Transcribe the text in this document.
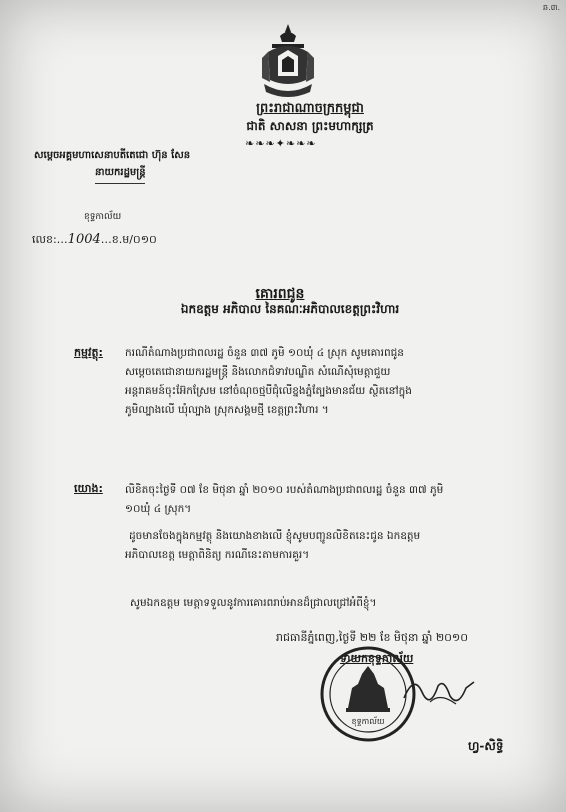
ឆ.៣.
ព្រះរាជាណាចក្រកម្ពុជា
ជាតិ សាសនា ព្រះមហាក្សត្រ
❧❧❧✦❧❧❧
សម្តេចអគ្គមហាសេនាបតីតេជោ ហ៊ុន សែន
នាយករដ្ឋមន្ត្រី
ខុទ្ទកាល័យ
លេខ:…1004…ខ.ម/០១០
គោរពជូន
ឯកឧត្តម អភិបាល នៃគណៈអភិបាលខេត្តព្រះវិហារ
កម្មវត្ថុ: ករណីតំណាងប្រជាពលរដ្ឋ ចំនួន ៣៧ ភូមិ ១០ឃុំ ៤ ស្រុក សូមគោរពជូន
សម្តេចតេជោនាយករដ្ឋមន្ត្រី និងលោកជំទាវបណ្ឌិត សំណើសុំមេត្តាជួយ
អន្តរាគមន៍ចុះអ៊ែកស្រែម នៅចំណុចថ្មបីជុំលើខ្នងភ្នំត្បែងមានជ័យ ស្ថិតនៅក្នុង
ភូមិល្បាងលើ ឃុំល្បាង ស្រុកសង្គមថ្មី ខេត្តព្រះវិហារ ។
យោង: លិខិតចុះថ្ងៃទី ០៧ ខែ មិថុនា ឆ្នាំ ២០១០ របស់តំណាងប្រជាពលរដ្ឋ ចំនួន ៣៧ ភូមិ
១០ឃុំ ៤ ស្រុក។
ដូចមានចែងក្នុងកម្មវត្ថុ និងយោងខាងលើ ខ្ញុំសូមបញ្ជូនលិខិតនេះជូន ឯកឧត្តម
អភិបាលខេត្ត មេត្តាពិនិត្យ ករណីនេះតាមការគួរ។
សូមឯកឧត្តម មេត្តាទទួលនូវការគោរពរាប់អានដ៏ជ្រាលជ្រៅអំពីខ្ញុំ។
រាជធានីភ្នំពេញ,ថ្ងៃទី ២២ ខែ មិថុនា ឆ្នាំ ២០១០
ទាយកខុទ្ទកាល័យ
ខុទ្ទកាល័យ
ហ្វ-សិទ្ធិ
